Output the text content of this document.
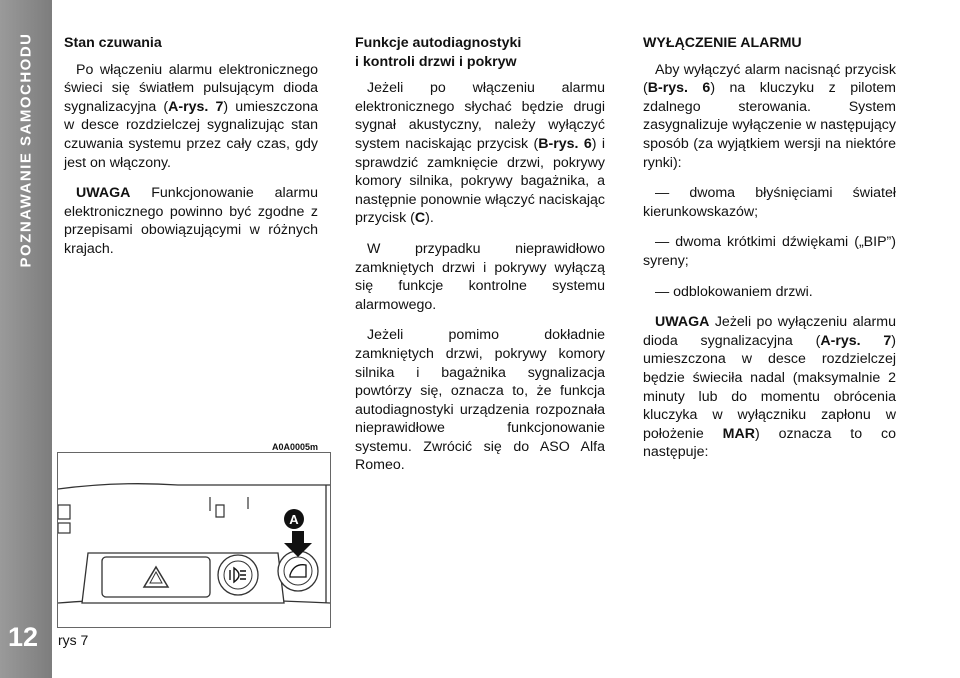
POZNAWANIE SAMOCHODU
12
Stan czuwania

Po włączeniu alarmu elektronicznego świeci się światłem pulsującym dioda sygnalizacyjna (A-rys. 7) umieszczona w desce rozdzielczej sygnalizując stan czuwania systemu przez cały czas, gdy jest on włączony.

UWAGA Funkcjonowanie alarmu elektronicznego powinno być zgodne z przepisami obowiązującymi w różnych krajach.

Funkcje autodiagnostyki
i kontroli drzwi i pokryw

Jeżeli po włączeniu alarmu elektronicznego słychać będzie drugi sygnał akustyczny, należy wyłączyć system naciskając przycisk (B-rys. 6) i sprawdzić zamknięcie drzwi, pokrywy komory silnika, pokrywy bagażnika, a następnie ponownie włączyć naciskając przycisk (C).

W przypadku nieprawidłowo zamkniętych drzwi i pokrywy wyłączą się funkcje kontrolne systemu alarmowego.

Jeżeli pomimo dokładnie zamkniętych drzwi, pokrywy komory silnika i bagażnika sygnalizacja powtórzy się, oznacza to, że funkcja autodiagnostyki urządzenia rozpoznała nieprawidłowe funkcjonowanie systemu. Zwrócić się do ASO Alfa Romeo.

WYŁĄCZENIE ALARMU

Aby wyłączyć alarm nacisnąć przycisk (B-rys. 6) na kluczyku z pilotem zdalnego sterowania. System zasygnalizuje wyłączenie w następujący sposób (za wyjątkiem wersji na niektóre rynki):

— dwoma błyśnięciami świateł kierunkowskazów;

— dwoma krótkimi dźwiękami („BIP”) syreny;

— odblokowaniem drzwi.

UWAGA Jeżeli po wyłączeniu alarmu dioda sygnalizacyjna (A-rys. 7) umieszczona w desce rozdzielczej będzie świeciła nadal (maksymalnie 2 minuty lub do momentu obrócenia kluczyka w wyłączniku zapłonu w położenie MAR) oznacza to co następuje:

A0A0005m
A
rys 7
